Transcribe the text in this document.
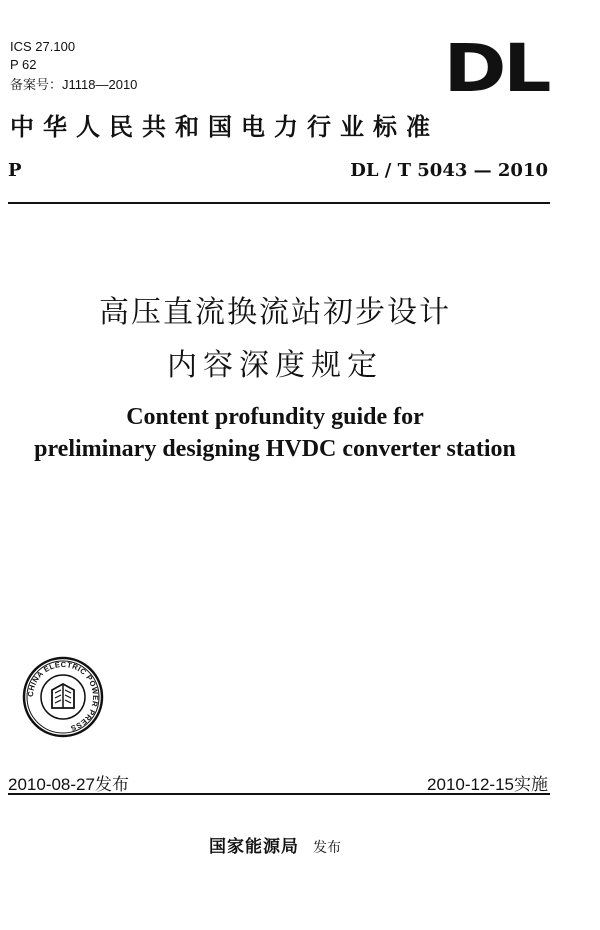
ICS 27.100
P 62
备案号：J1118—2010	DL
中华人民共和国电力行业标准
P	DL / T 5043 — 2010
高压直流换流站初步设计
内容深度规定
Content profundity guide for
preliminary designing HVDC converter station
CHINA ELECTRIC POWER PRESS
2010-08-27发布	2010-12-15实施
国家能源局 发布
